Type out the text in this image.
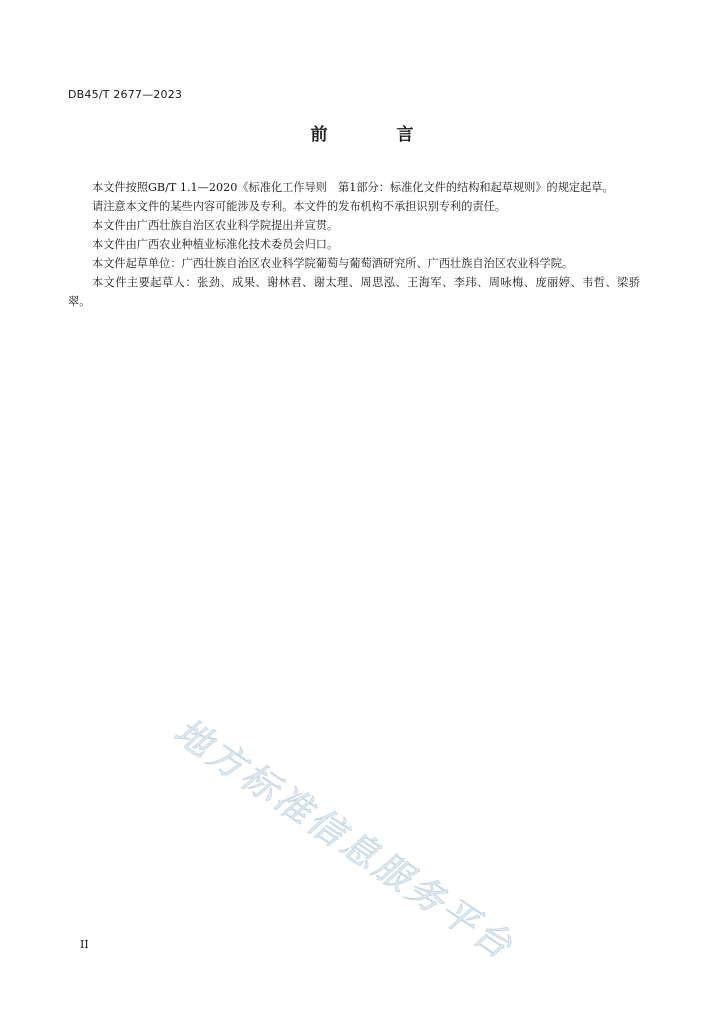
DB45/T 2677—2023
前　言

本文件按照GB/T 1.1—2020《标准化工作导则　第1部分：标准化文件的结构和起草规则》的规定起草。

请注意本文件的某些内容可能涉及专利。本文件的发布机构不承担识别专利的责任。

本文件由广西壮族自治区农业科学院提出并宣贯。

本文件由广西农业种植业标准化技术委员会归口。

本文件起草单位：广西壮族自治区农业科学院葡萄与葡萄酒研究所、广西壮族自治区农业科学院。

本文件主要起草人：张劲、成果、谢林君、谢太理、周思泓、王海军、李玮、周咏梅、庞丽婷、韦哲、梁骄翠。

地方标准信息服务平台
II
